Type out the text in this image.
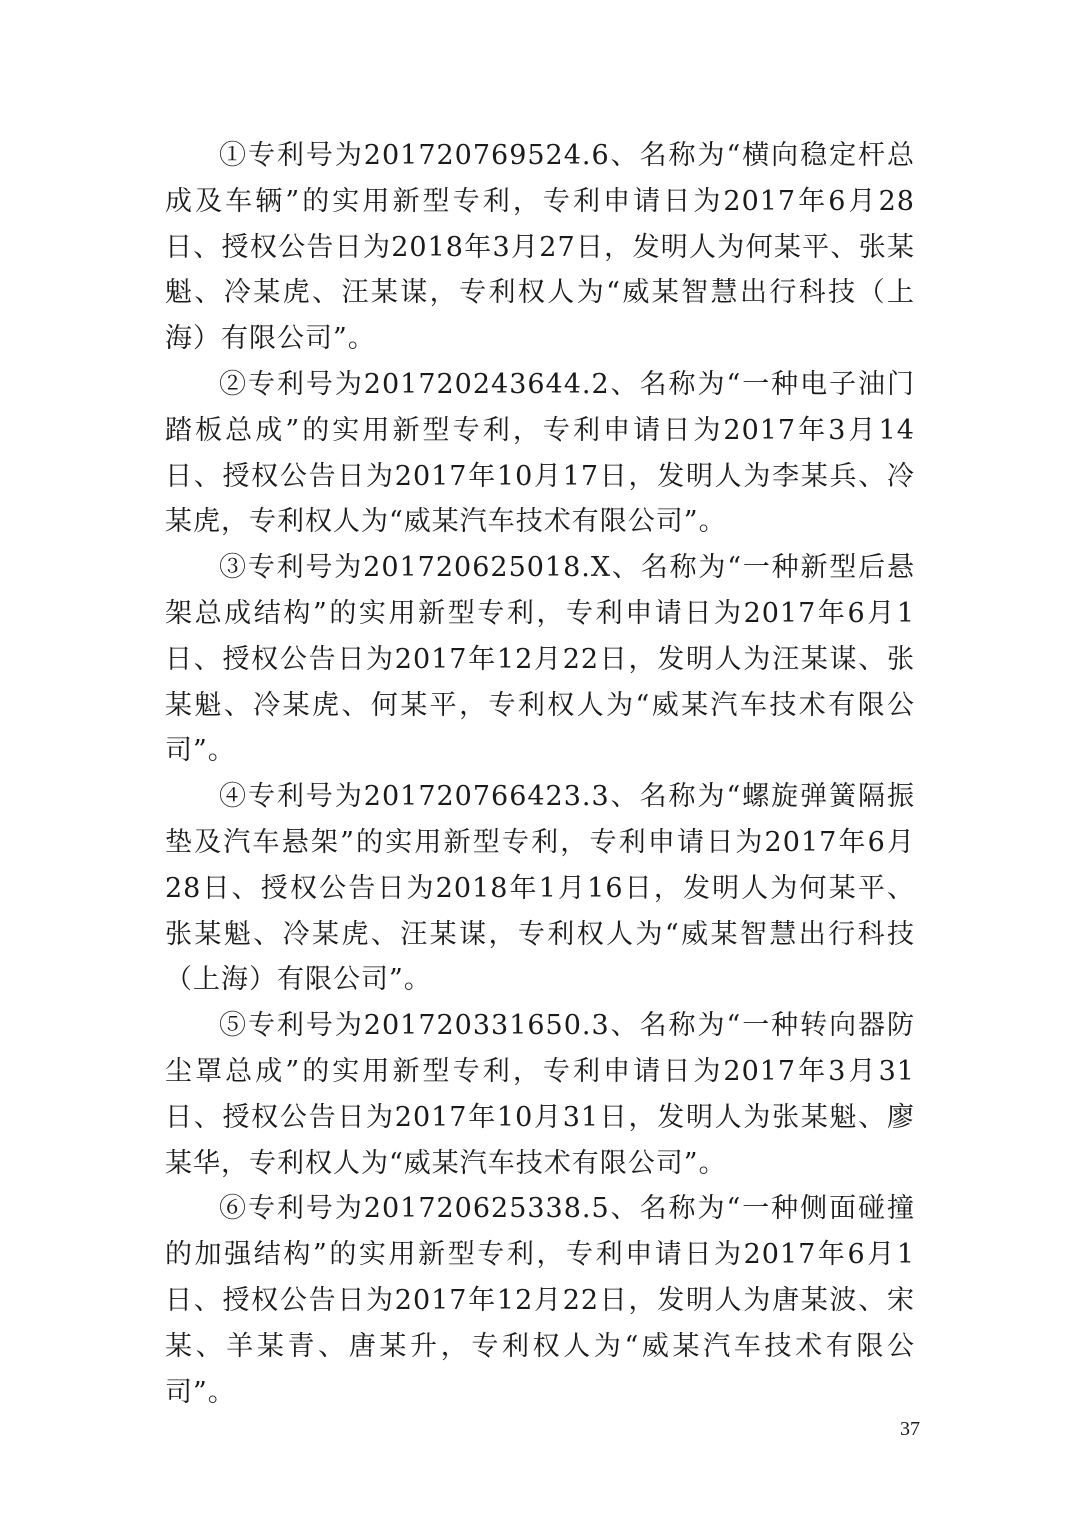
①专利号为201720769524.6、名称为“横向稳定杆总成及车辆”的实用新型专利，专利申请日为2017年6月28日、授权公告日为2018年3月27日，发明人为何某平、张某魁、冷某虎、汪某谋，专利权人为“威某智慧出行科技（上海）有限公司”。

②专利号为201720243644.2、名称为“一种电子油门踏板总成”的实用新型专利，专利申请日为2017年3月14日、授权公告日为2017年10月17日，发明人为李某兵、冷某虎，专利权人为“威某汽车技术有限公司”。

③专利号为201720625018.X、名称为“一种新型后悬架总成结构”的实用新型专利，专利申请日为2017年6月1日、授权公告日为2017年12月22日，发明人为汪某谋、张某魁、冷某虎、何某平，专利权人为“威某汽车技术有限公司”。

④专利号为201720766423.3、名称为“螺旋弹簧隔振垫及汽车悬架”的实用新型专利，专利申请日为2017年6月28日、授权公告日为2018年1月16日，发明人为何某平、张某魁、冷某虎、汪某谋，专利权人为“威某智慧出行科技（上海）有限公司”。

⑤专利号为201720331650.3、名称为“一种转向器防尘罩总成”的实用新型专利，专利申请日为2017年3月31日、授权公告日为2017年10月31日，发明人为张某魁、廖某华，专利权人为“威某汽车技术有限公司”。

⑥专利号为201720625338.5、名称为“一种侧面碰撞的加强结构”的实用新型专利，专利申请日为2017年6月1日、授权公告日为2017年12月22日，发明人为唐某波、宋某、羊某青、唐某升，专利权人为“威某汽车技术有限公司”。

37
